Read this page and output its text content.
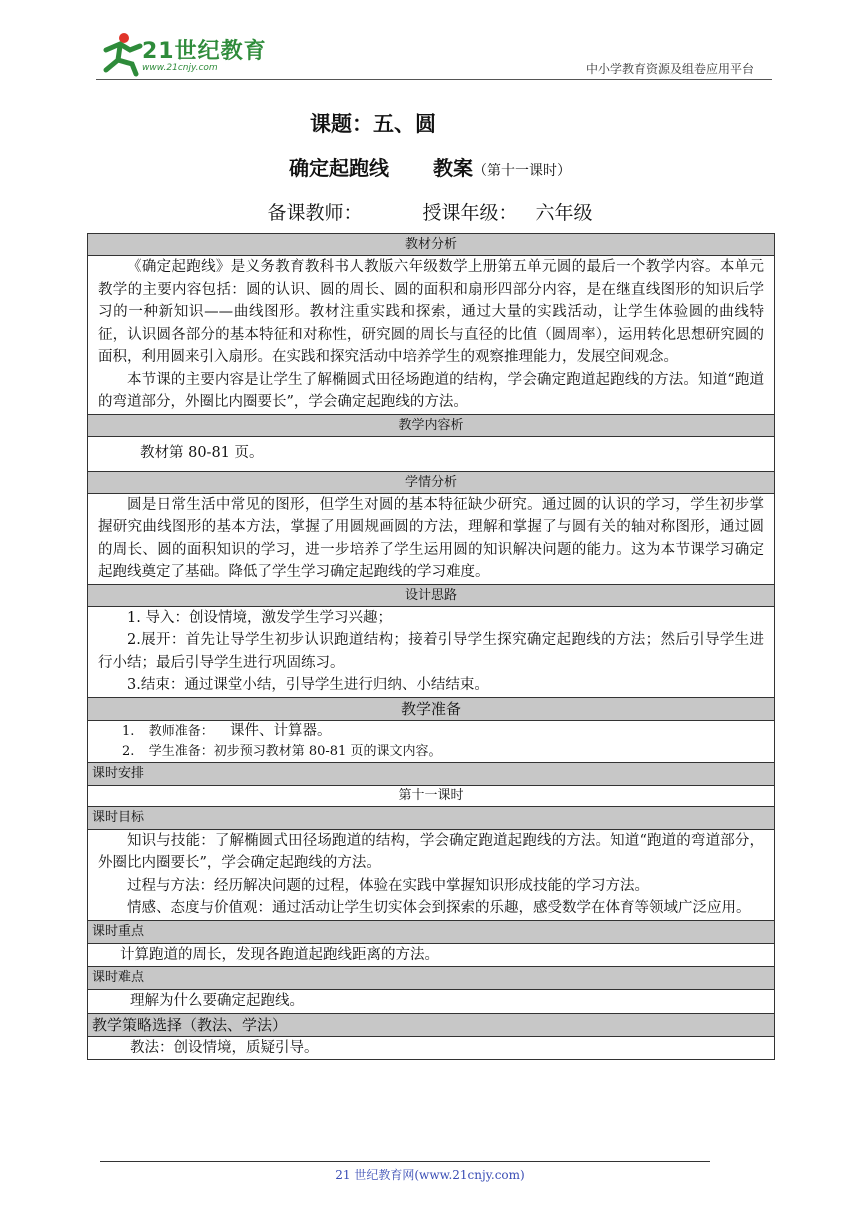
21世纪教育
www.21cnjy.com	中小学教育资源及组卷应用平台
课题：五、圆
确定起跑线 教案（第十一课时）
备课教师：	授课年级： 六年级
教材分析

《确定起跑线》是义务教育教科书人教版六年级数学上册第五单元圆的最后一个教学内容。本单元教学的主要内容包括：圆的认识、圆的周长、圆的面积和扇形四部分内容，是在继直线图形的知识后学习的一种新知识——曲线图形。教材注重实践和探索，通过大量的实践活动，让学生体验圆的曲线特征，认识圆各部分的基本特征和对称性，研究圆的周长与直径的比值（圆周率），运用转化思想研究圆的面积，利用圆来引入扇形。在实践和探究活动中培养学生的观察推理能力，发展空间观念。

本节课的主要内容是让学生了解椭圆式田径场跑道的结构，学会确定跑道起跑线的方法。知道“跑道的弯道部分，外圈比内圈要长”，学会确定起跑线的方法。

教学内容析

教材第 80-81 页。

学情分析

圆是日常生活中常见的图形，但学生对圆的基本特征缺少研究。通过圆的认识的学习，学生初步掌握研究曲线图形的基本方法，掌握了用圆规画圆的方法，理解和掌握了与圆有关的轴对称图形，通过圆的周长、圆的面积知识的学习，进一步培养了学生运用圆的知识解决问题的能力。这为本节课学习确定起跑线奠定了基础。降低了学生学习确定起跑线的学习难度。

设计思路

1. 导入：创设情境，激发学生学习兴趣；

2.展开：首先让导学生初步认识跑道结构；接着引导学生探究确定起跑线的方法；然后引导学生进行小结；最后引导学生进行巩固练习。

3.结束：通过课堂小结，引导学生进行归纳、小结结束。

教学准备

1. 教师准备： 课件、计算器。
2. 学生准备：初步预习教材第 80-81 页的课文内容。

课时安排
第十一课时
课时目标

知识与技能：了解椭圆式田径场跑道的结构，学会确定跑道起跑线的方法。知道“跑道的弯道部分，外圈比内圈要长”，学会确定起跑线的方法。

过程与方法：经历解决问题的过程，体验在实践中掌握知识形成技能的学习方法。

情感、态度与价值观：通过活动让学生切实体会到探索的乐趣，感受数学在体育等领域广泛应用。

课时重点

计算跑道的周长，发现各跑道起跑线距离的方法。

课时难点

理解为什么要确定起跑线。

教学策略选择（教法、学法）

教法：创设情境，质疑引导。

21 世纪教育网(www.21cnjy.com)
